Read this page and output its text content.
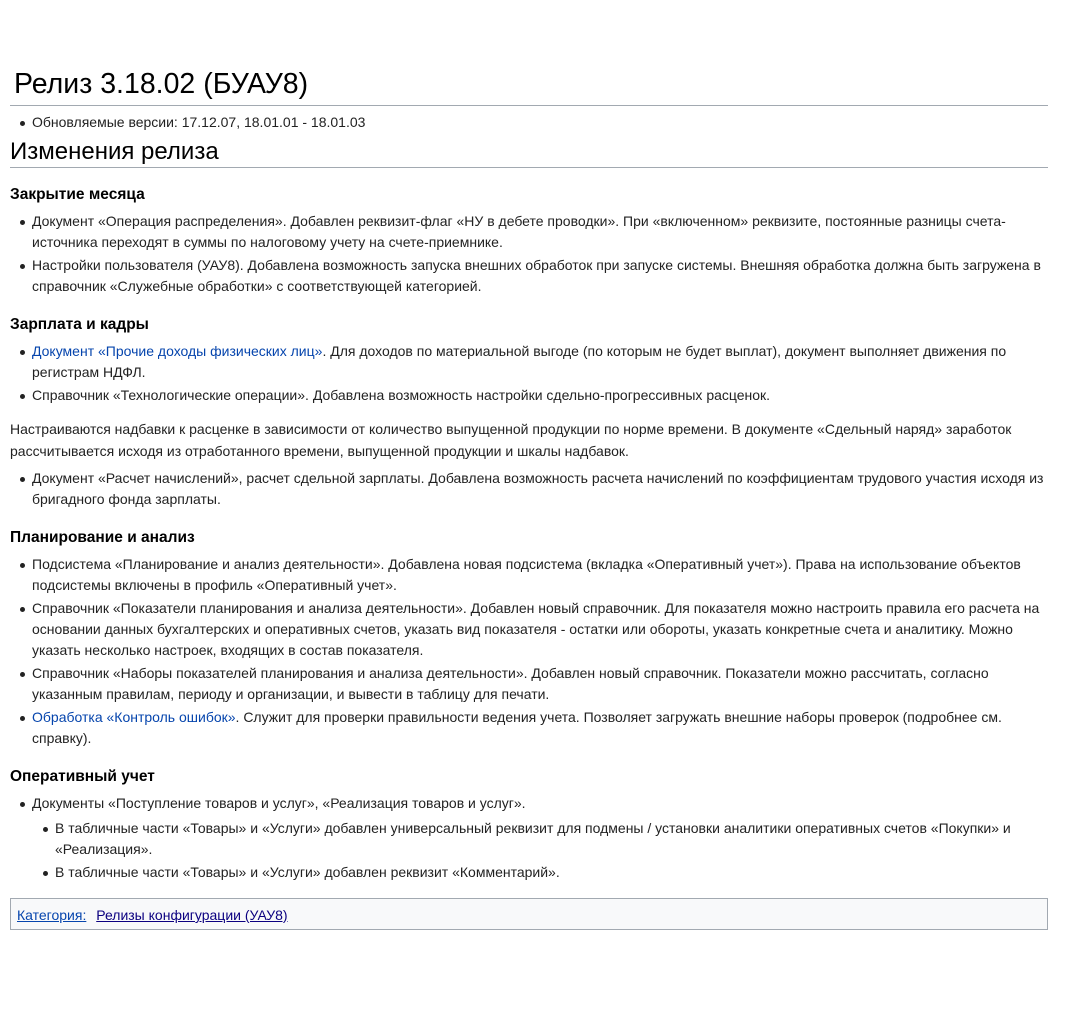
Релиз 3.18.02 (БУАУ8)
Обновляемые версии: 17.12.07, 18.01.01 - 18.01.03
Изменения релиза
Закрытие месяца
Документ «Операция распределения». Добавлен реквизит-флаг «НУ в дебете проводки». При «включенном» реквизите, постоянные разницы счета-источника переходят в суммы по налоговому учету на счете-приемнике.
Настройки пользователя (УАУ8). Добавлена возможность запуска внешних обработок при запуске системы. Внешняя обработка должна быть загружена в справочник «Служебные обработки» с соответствующей категорией.
Зарплата и кадры
Документ «Прочие доходы физических лиц». Для доходов по материальной выгоде (по которым не будет выплат), документ выполняет движения по регистрам НДФЛ.
Справочник «Технологические операции». Добавлена возможность настройки сдельно-прогрессивных расценок.

Настраиваются надбавки к расценке в зависимости от количество выпущенной продукции по норме времени. В документе «Сдельный наряд» заработок рассчитывается исходя из отработанного времени, выпущенной продукции и шкалы надбавок.

Документ «Расчет начислений», расчет сдельной зарплаты. Добавлена возможность расчета начислений по коэффициентам трудового участия исходя из бригадного фонда зарплаты.
Планирование и анализ
Подсистема «Планирование и анализ деятельности». Добавлена новая подсистема (вкладка «Оперативный учет»). Права на использование объектов подсистемы включены в профиль «Оперативный учет».
Справочник «Показатели планирования и анализа деятельности». Добавлен новый справочник. Для показателя можно настроить правила его расчета на основании данных бухгалтерских и оперативных счетов, указать вид показателя - остатки или обороты, указать конкретные счета и аналитику. Можно указать несколько настроек, входящих в состав показателя.
Справочник «Наборы показателей планирования и анализа деятельности». Добавлен новый справочник. Показатели можно рассчитать, согласно указанным правилам, периоду и организации, и вывести в таблицу для печати.
Обработка «Контроль ошибок». Служит для проверки правильности ведения учета. Позволяет загружать внешние наборы проверок (подробнее см. справку).
Оперативный учет
Документы «Поступление товаров и услуг», «Реализация товаров и услуг».
В табличные части «Товары» и «Услуги» добавлен универсальный реквизит для подмены / установки аналитики оперативных счетов «Покупки» и «Реализация».
В табличные части «Товары» и «Услуги» добавлен реквизит «Комментарий».
Категория: Релизы конфигурации (УАУ8)
